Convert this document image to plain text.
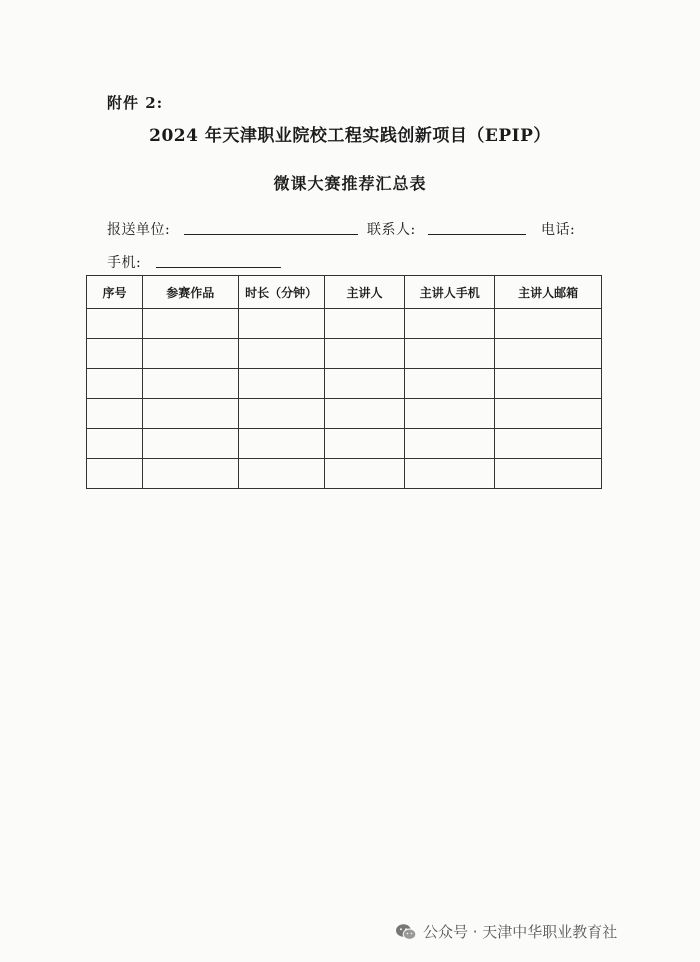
附件 2:
2024 年天津职业院校工程实践创新项目（EPIP）
微课大赛推荐汇总表
报送单位:	联系人:	电话:
手机:
序号	参赛作品	时长（分钟）	主讲人	主讲人手机	主讲人邮箱

公众号 · 天津中华职业教育社
